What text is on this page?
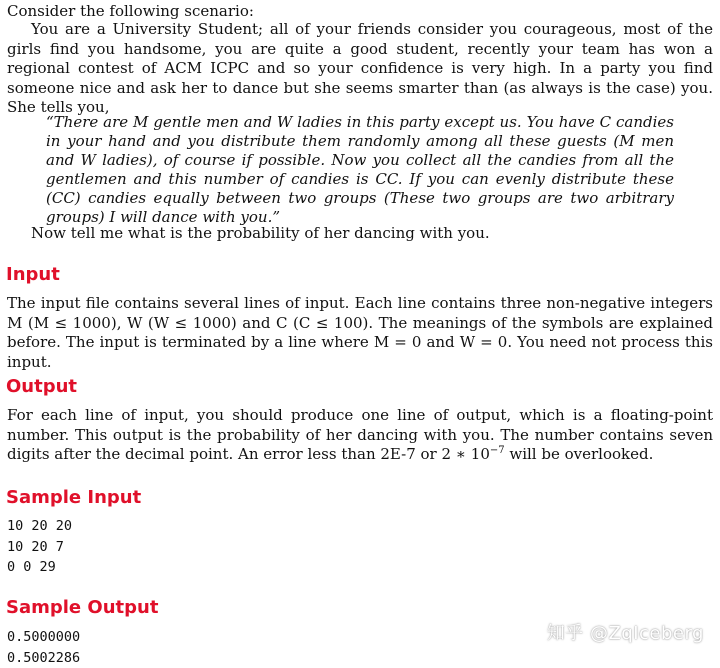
Consider the following scenario:

You are a University Student; all of your friends consider you courageous, most of the girls find you handsome, you are quite a good student, recently your team has won a regional contest of ACM ICPC and so your confidence is very high. In a party you find someone nice and ask her to dance but she seems smarter than (as always is the case) you. She tells you,

“There are M gentle men and W ladies in this party except us. You have C candies in your hand and you distribute them randomly among all these guests (M men and W ladies), of course if possible. Now you collect all the candies from all the gentlemen and this number of candies is CC. If you can evenly distribute these (CC) candies equally between two groups (These two groups are two arbitrary groups) I will dance with you.”

Now tell me what is the probability of her dancing with you.

Input

The input file contains several lines of input. Each line contains three non-negative integers M (M ≤ 1000), W (W ≤ 1000) and C (C ≤ 100). The meanings of the symbols are explained before. The input is terminated by a line where M = 0 and W = 0. You need not process this input.

Output

For each line of input, you should produce one line of output, which is a floating-point number. This output is the probability of her dancing with you. The number contains seven digits after the decimal point. An error less than 2E-7 or 2 ∗ $10^{-7}$ will be overlooked.

Sample Input
10 20 20
10 20 7
0 0 29
Sample Output
0.5000000
0.5002286
知乎 @ZqIceberg
